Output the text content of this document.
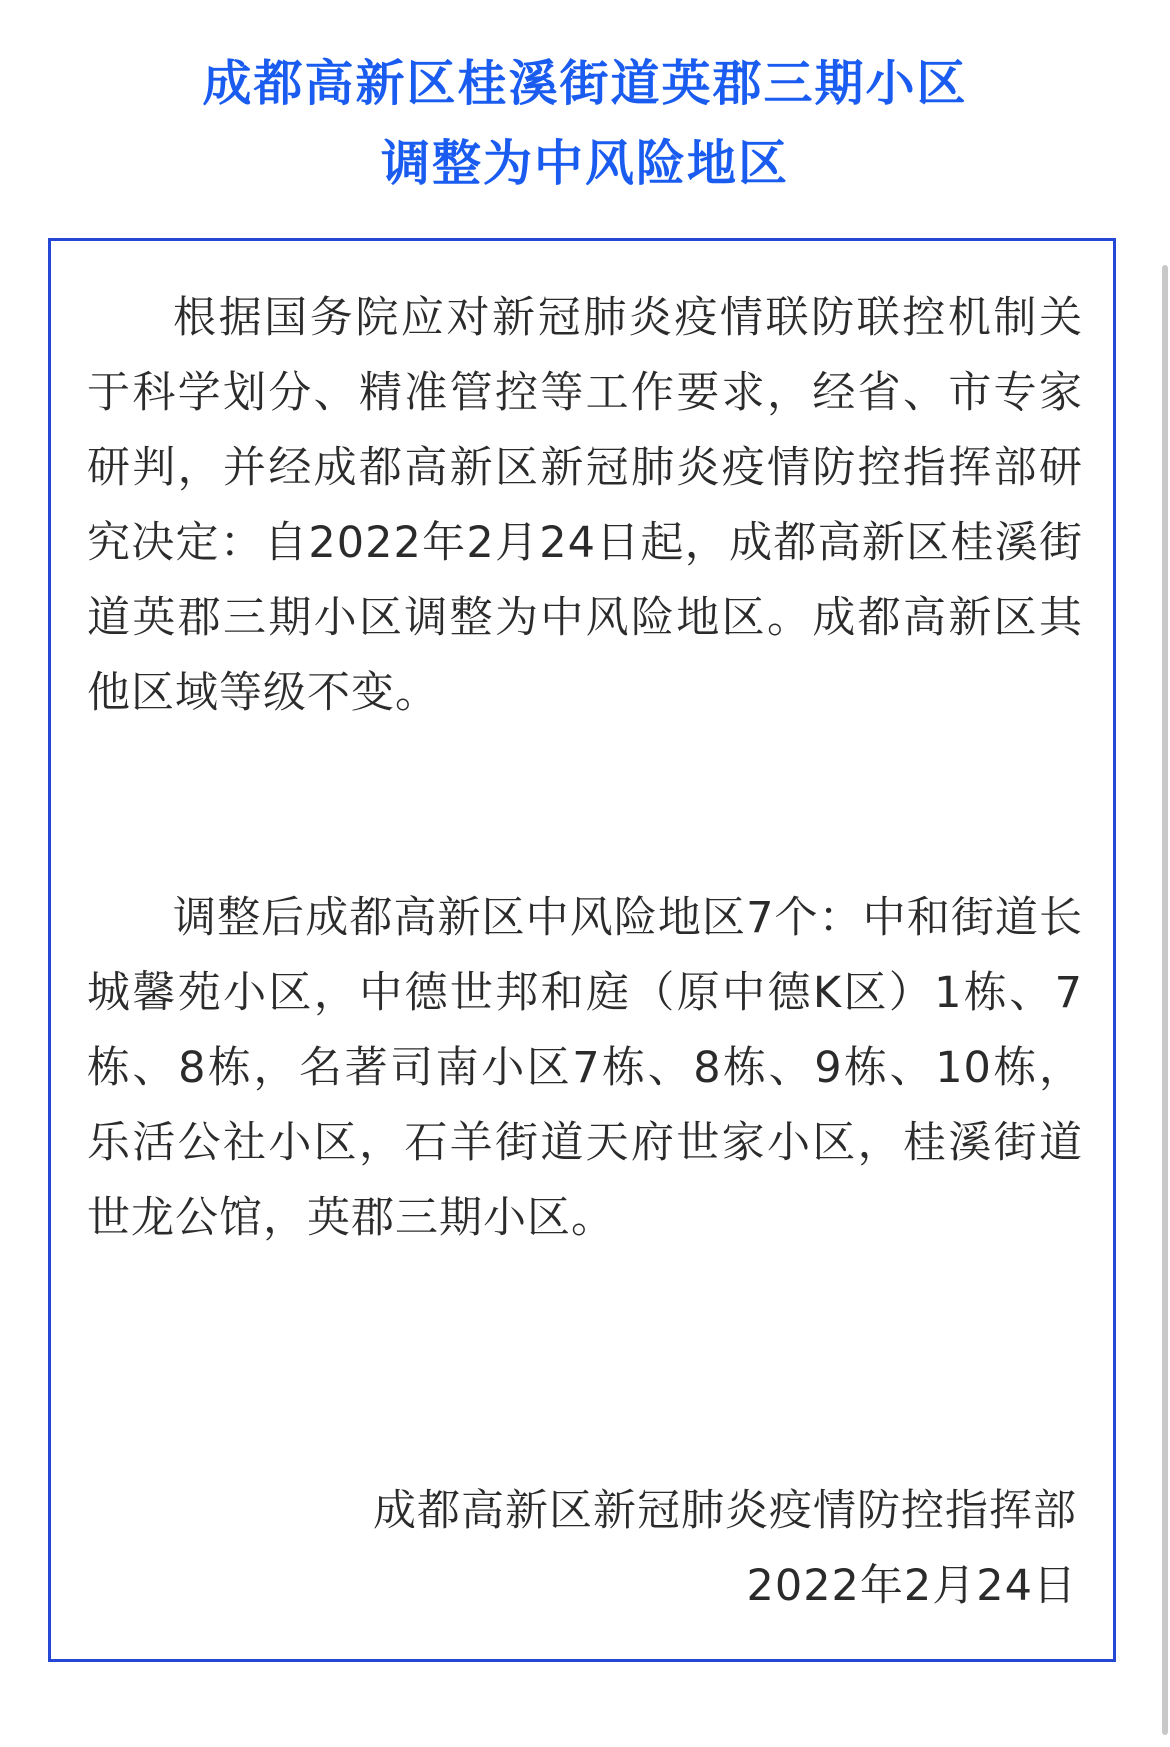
成都高新区桂溪街道英郡三期小区
调整为中风险地区

根据国务院应对新冠肺炎疫情联防联控机制关于科学划分、精准管控等工作要求，经省、市专家研判，并经成都高新区新冠肺炎疫情防控指挥部研究决定：自2022年2月24日起，成都高新区桂溪街道英郡三期小区调整为中风险地区。成都高新区其他区域等级不变。

调整后成都高新区中风险地区7个：中和街道长城馨苑小区，中德世邦和庭（原中德K区）1栋、7栋、8栋，名著司南小区7栋、8栋、9栋、10栋，乐活公社小区，石羊街道天府世家小区，桂溪街道世龙公馆，英郡三期小区。

成都高新区新冠肺炎疫情防控指挥部

2022年2月24日
